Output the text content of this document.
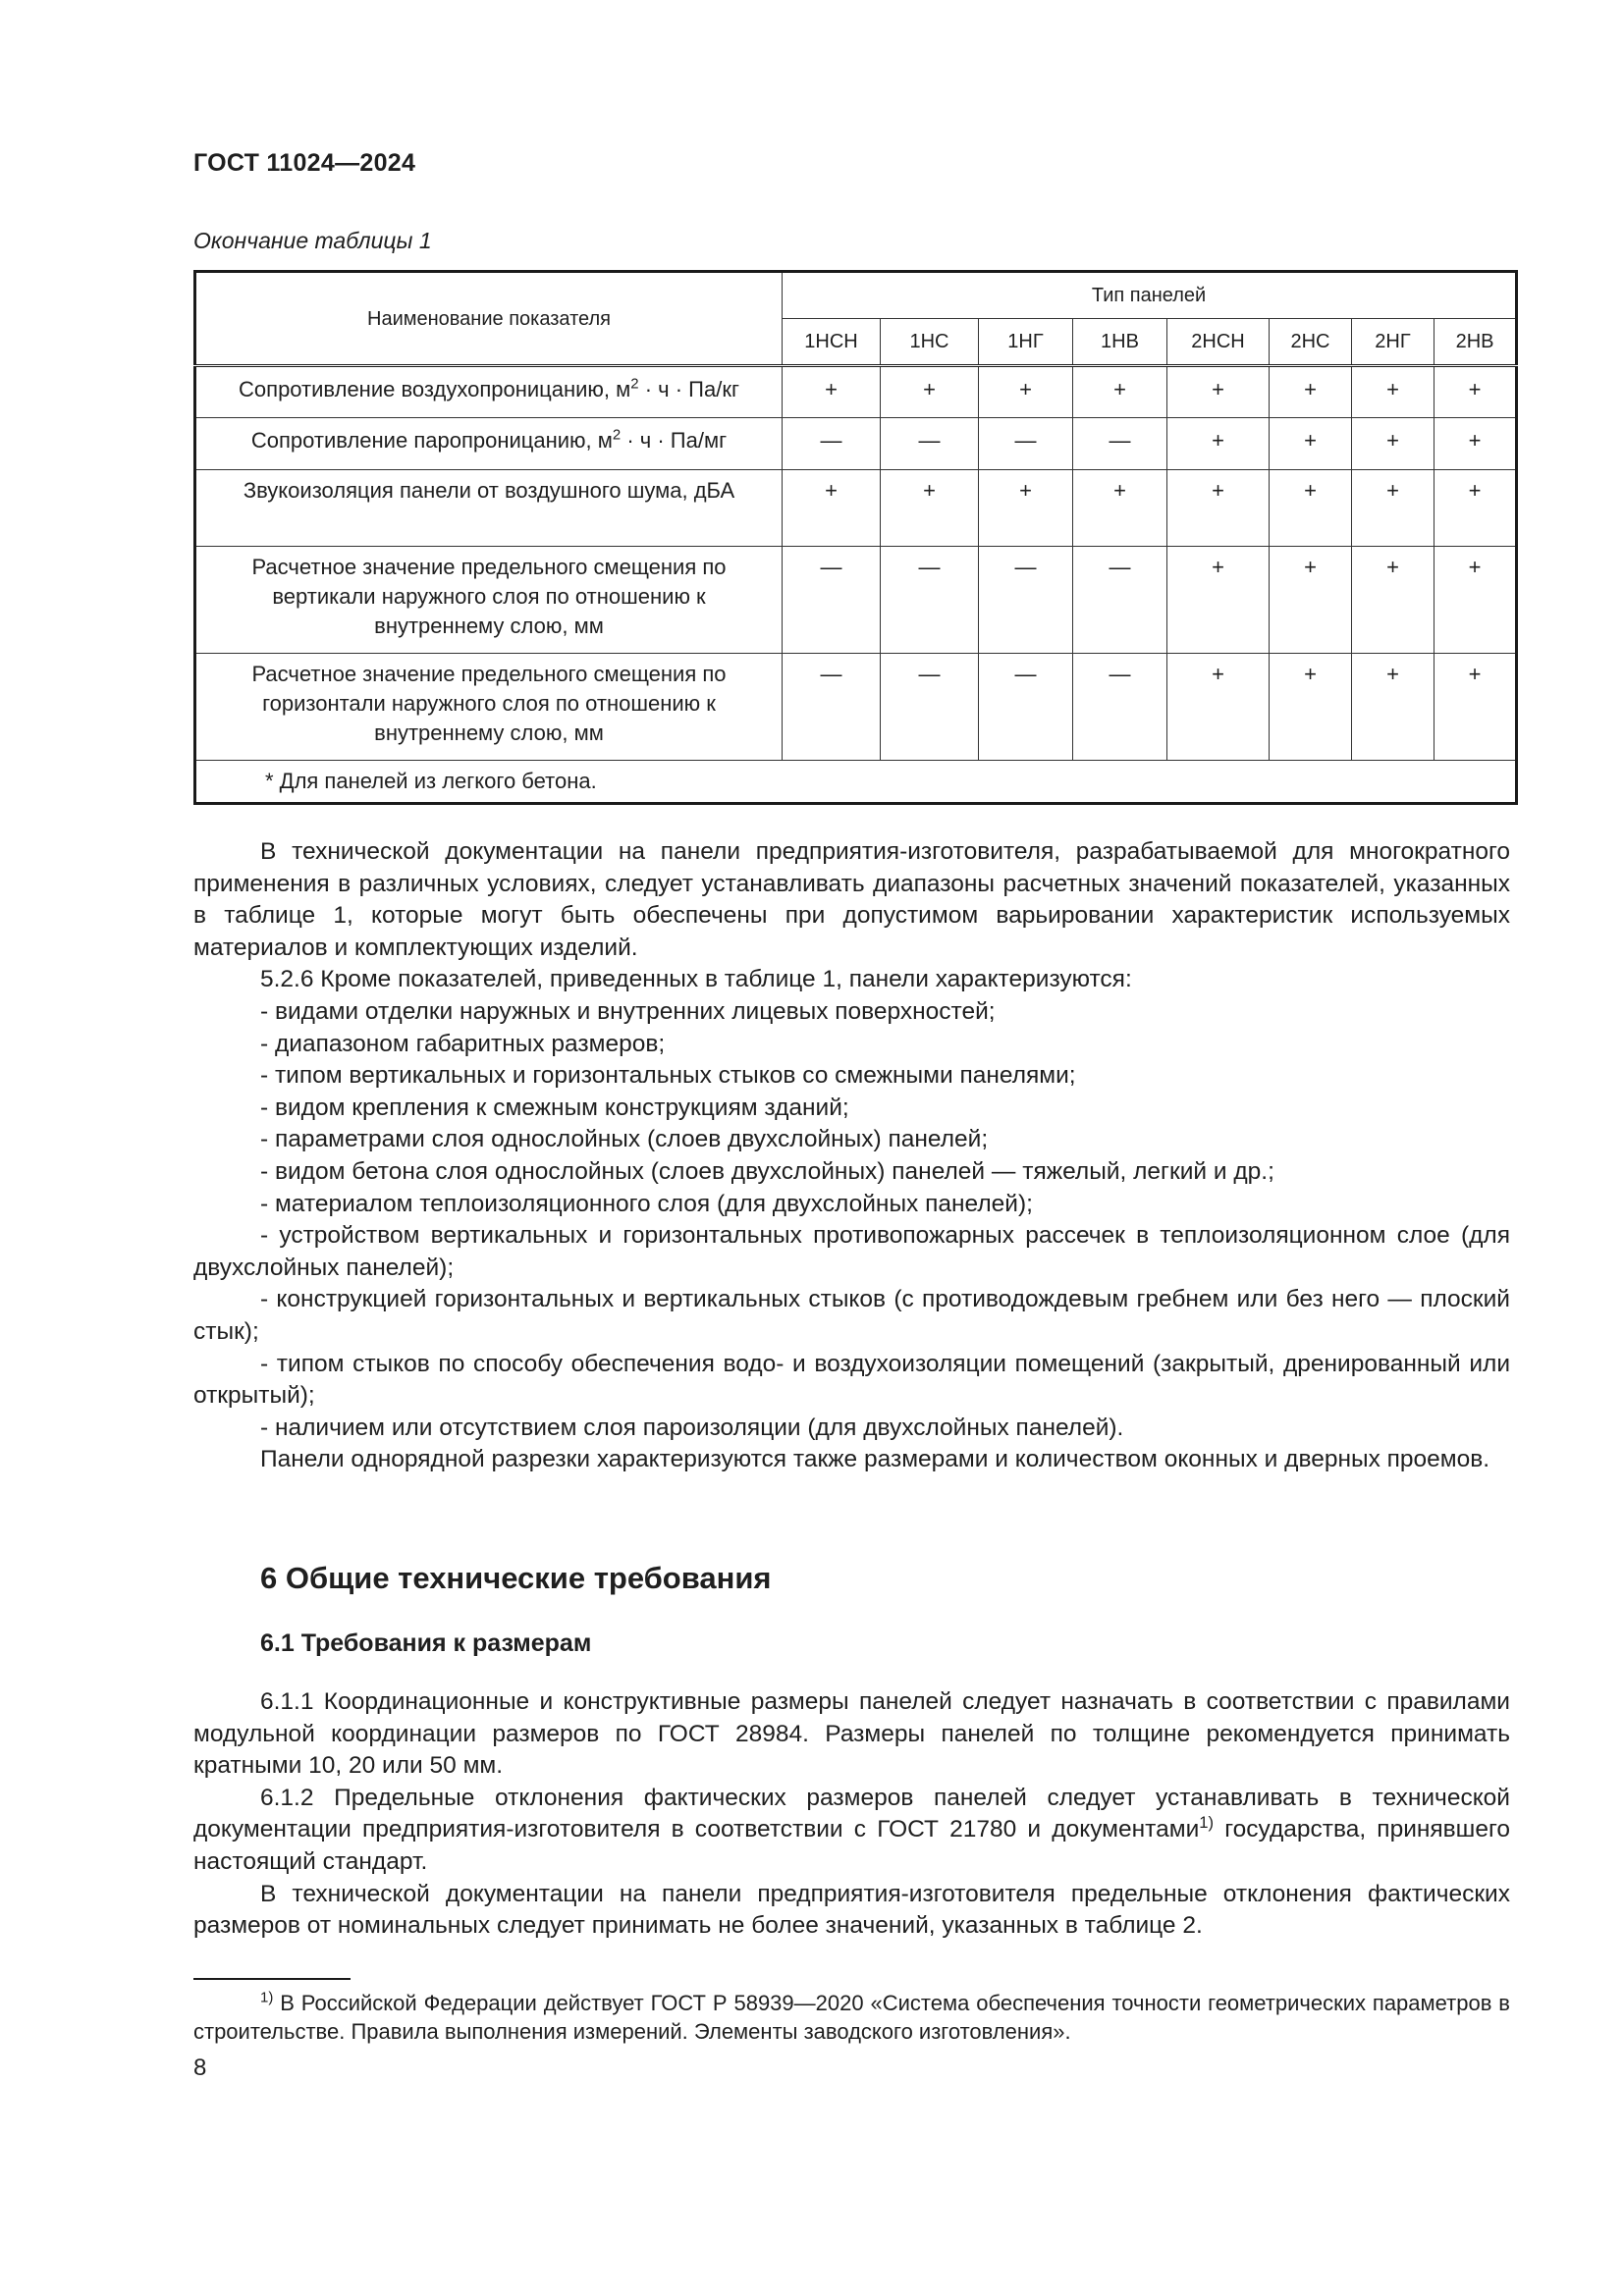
ГОСТ 11024—2024
Окончание таблицы 1
Наименование показателя	Тип панелей							
	1НСН	1НС	1НГ	1НВ	2НСН	2НС	2НГ	2НВ
Сопротивление воздухопроницанию, $м^2 \cdot ч \cdot Па/кг$	+	+	+	+	+	+	+	+
Сопротивление паропроницанию, $м^2 \cdot ч \cdot Па/мг$	—	—	—	—	+	+	+	+
Звукоизоляция панели от воздушного шума, дБА	+	+	+	+	+	+	+	+
Расчетное значение предельного смещения по вертикали наружного слоя по отношению к внутреннему слою, мм	—	—	—	—	+	+	+	+
Расчетное значение предельного смещения по горизонтали наружного слоя по отношению к внутреннему слою, мм	—	—	—	—	+	+	+	+
* Для панелей из легкого бетона.								

В технической документации на панели предприятия-изготовителя, разрабатываемой для многократного применения в различных условиях, следует устанавливать диапазоны расчетных значений показателей, указанных в таблице 1, которые могут быть обеспечены при допустимом варьировании характеристик используемых материалов и комплектующих изделий.

5.2.6 Кроме показателей, приведенных в таблице 1, панели характеризуются:

- видами отделки наружных и внутренних лицевых поверхностей;

- диапазоном габаритных размеров;

- типом вертикальных и горизонтальных стыков со смежными панелями;

- видом крепления к смежным конструкциям зданий;

- параметрами слоя однослойных (слоев двухслойных) панелей;

- видом бетона слоя однослойных (слоев двухслойных) панелей — тяжелый, легкий и др.;

- материалом теплоизоляционного слоя (для двухслойных панелей);

- устройством вертикальных и горизонтальных противопожарных рассечек в теплоизоляционном слое (для двухслойных панелей);

- конструкцией горизонтальных и вертикальных стыков (с противодождевым гребнем или без него — плоский стык);

- типом стыков по способу обеспечения водо- и воздухоизоляции помещений (закрытый, дренированный или открытый);

- наличием или отсутствием слоя пароизоляции (для двухслойных панелей).

Панели однорядной разрезки характеризуются также размерами и количеством оконных и дверных проемов.

6 Общие технические требования
6.1 Требования к размерам

6.1.1 Координационные и конструктивные размеры панелей следует назначать в соответствии с правилами модульной координации размеров по ГОСТ 28984. Размеры панелей по толщине рекомендуется принимать кратными 10, 20 или 50 мм.

6.1.2 Предельные отклонения фактических размеров панелей следует устанавливать в технической документации предприятия-изготовителя в соответствии с ГОСТ 21780 и документами$^{1)}$ государства, принявшего настоящий стандарт.

В технической документации на панели предприятия-изготовителя предельные отклонения фактических размеров от номинальных следует принимать не более значений, указанных в таблице 2.

$^{1)}$ В Российской Федерации действует ГОСТ Р 58939—2020 «Система обеспечения точности геометрических параметров в строительстве. Правила выполнения измерений. Элементы заводского изготовления».

8
